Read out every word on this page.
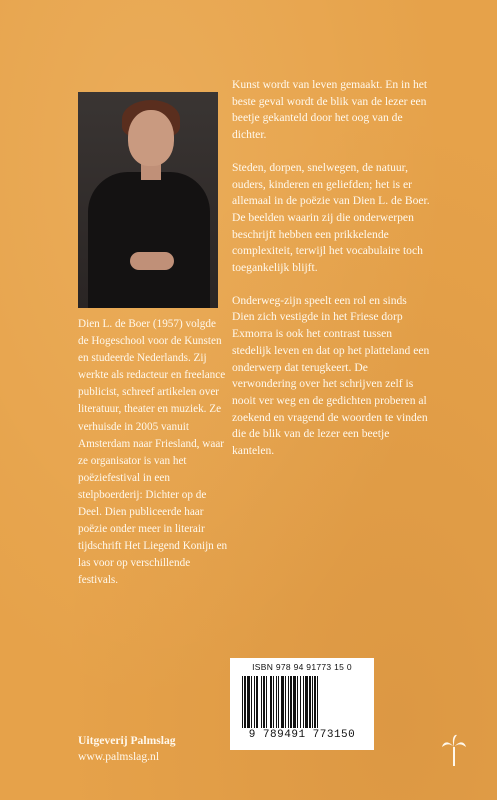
Dien L. de Boer (1957) volgde de Hogeschool voor de Kunsten en studeerde Nederlands. Zij werkte als redacteur en freelance publicist, schreef artikelen over literatuur, theater en muziek. Ze verhuisde in 2005 vanuit Amsterdam naar Friesland, waar ze organisator is van het poëziefestival in een stelpboerderij: Dichter op de Deel. Dien publiceerde haar poëzie onder meer in literair tijdschrift Het Liegend Konijn en las voor op verschillende festivals.

Kunst wordt van leven gemaakt. En in het beste geval wordt de blik van de lezer een beetje gekanteld door het oog van de dichter.

Steden, dorpen, snelwegen, de natuur, ouders, kinderen en geliefden; het is er allemaal in de poëzie van Dien L. de Boer. De beelden waarin zij die onderwerpen beschrijft hebben een prikkelende complexiteit, terwijl het vocabulaire toch toegankelijk blijft.

Onderweg-zijn speelt een rol en sinds Dien zich vestigde in het Friese dorp Exmorra is ook het contrast tussen stedelijk leven en dat op het platteland een onderwerp dat terugkeert. De verwondering over het schrijven zelf is nooit ver weg en de gedichten proberen al zoekend en vragend de woorden te vinden die de blik van de lezer een beetje kantelen.

Uitgeverij Palmslag
www.palmslag.nl
ISBN 978 94 91773 15 0
9 789491 773150
